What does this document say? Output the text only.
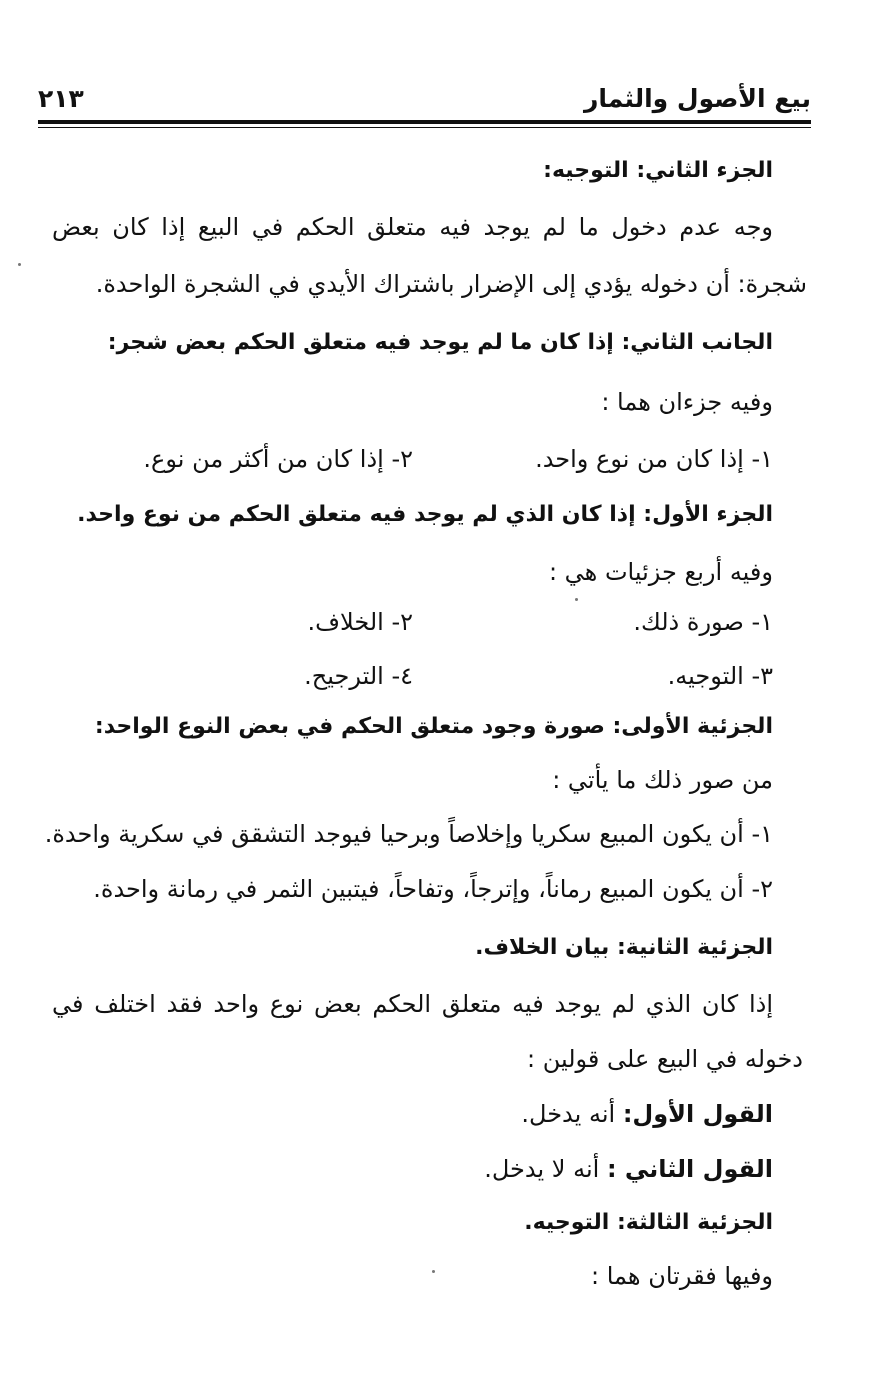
بيع الأصول والثمار
٢١٣
الجزء الثاني: التوجيه:
وجه عدم دخول ما لم يوجد فيه متعلق الحكم في البيع إذا كان بعض
شجرة: أن دخوله يؤدي إلى الإضرار باشتراك الأيدي في الشجرة الواحدة.
الجانب الثاني: إذا كان ما لم يوجد فيه متعلق الحكم بعض شجر:
وفيه جزءان هما :
١- إذا كان من نوع واحد.
٢- إذا كان من أكثر من نوع.
الجزء الأول: إذا كان الذي لم يوجد فيه متعلق الحكم من نوع واحد.
وفيه أربع جزئيات هي :
١- صورة ذلك.
٢- الخلاف.
٣- التوجيه.
٤- الترجيح.
الجزئية الأولى: صورة وجود متعلق الحكم في بعض النوع الواحد:
من صور ذلك ما يأتي :
١- أن يكون المبيع سكريا وإخلاصاً وبرحيا فيوجد التشقق في سكرية واحدة.
٢- أن يكون المبيع رماناً، وإترجاً، وتفاحاً، فيتبين الثمر في رمانة واحدة.
الجزئية الثانية: بيان الخلاف.
إذا كان الذي لم يوجد فيه متعلق الحكم بعض نوع واحد فقد اختلف في
دخوله في البيع على قولين :
القول الأول: أنه يدخل.
القول الثاني : أنه لا يدخل.
الجزئية الثالثة: التوجيه.
وفيها فقرتان هما :
